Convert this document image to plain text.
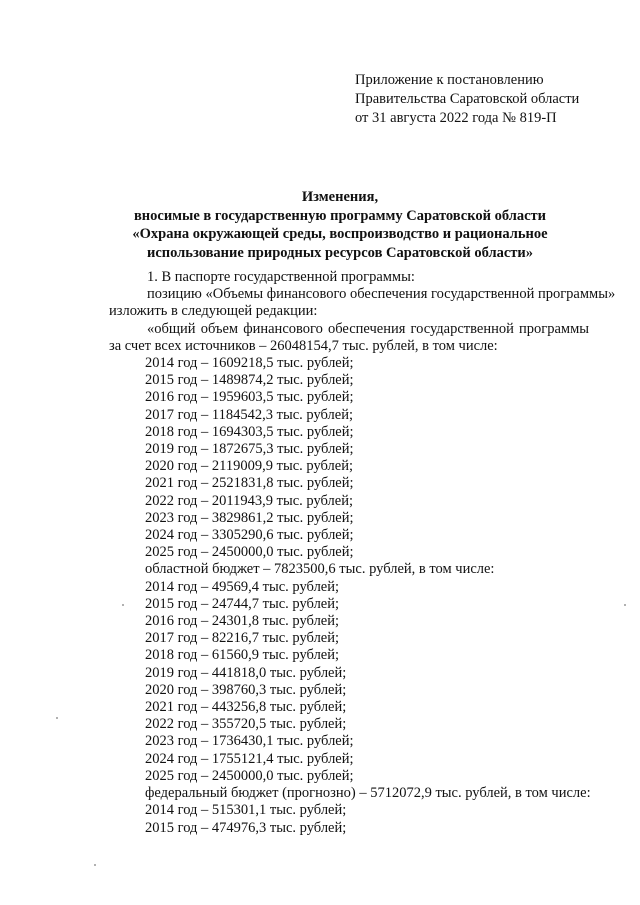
Приложение к постановлению
Правительства Саратовской области
от 31 августа 2022 года № 819-П
Изменения,
вносимые в государственную программу Саратовской области
«Охрана окружающей среды, воспроизводство и рациональное
использование природных ресурсов Саратовской области»
1. В паспорте государственной программы:
позицию «Объемы финансового обеспечения государственной программы»
изложить в следующей редакции:
«общий объем финансового обеспечения государственной программы
за счет всех источников – 26048154,7 тыс. рублей, в том числе:
2014 год – 1609218,5 тыс. рублей;
2015 год – 1489874,2 тыс. рублей;
2016 год – 1959603,5 тыс. рублей;
2017 год – 1184542,3 тыс. рублей;
2018 год – 1694303,5 тыс. рублей;
2019 год – 1872675,3 тыс. рублей;
2020 год – 2119009,9 тыс. рублей;
2021 год – 2521831,8 тыс. рублей;
2022 год – 2011943,9 тыс. рублей;
2023 год – 3829861,2 тыс. рублей;
2024 год – 3305290,6 тыс. рублей;
2025 год – 2450000,0 тыс. рублей;
областной бюджет – 7823500,6 тыс. рублей, в том числе:
2014 год – 49569,4 тыс. рублей;
2015 год – 24744,7 тыс. рублей;
2016 год – 24301,8 тыс. рублей;
2017 год – 82216,7 тыс. рублей;
2018 год – 61560,9 тыс. рублей;
2019 год – 441818,0 тыс. рублей;
2020 год – 398760,3 тыс. рублей;
2021 год – 443256,8 тыс. рублей;
2022 год – 355720,5 тыс. рублей;
2023 год – 1736430,1 тыс. рублей;
2024 год – 1755121,4 тыс. рублей;
2025 год – 2450000,0 тыс. рублей;
федеральный бюджет (прогнозно) – 5712072,9 тыс. рублей, в том числе:
2014 год – 515301,1 тыс. рублей;
2015 год – 474976,3 тыс. рублей;
